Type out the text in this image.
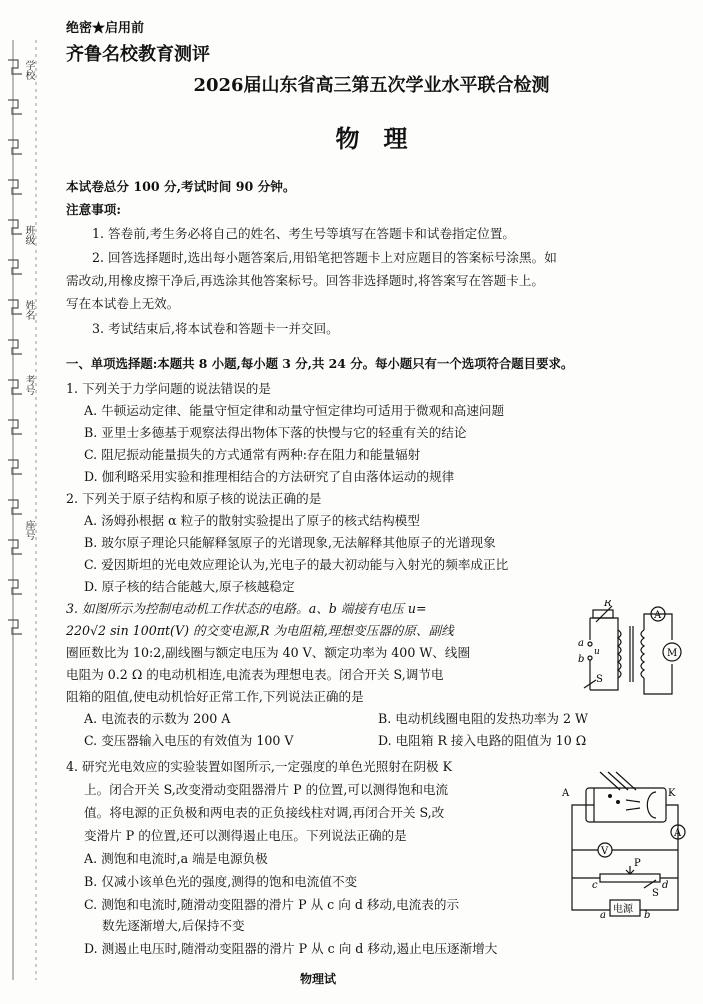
学校
班级
姓名
考号
座号
绝密★启用前
齐鲁名校教育测评
2026届山东省高三第五次学业水平联合检测
物　理
本试卷总分 100 分,考试时间 90 分钟。
注意事项:
1. 答卷前,考生务必将自己的姓名、考生号等填写在答题卡和试卷指定位置。
2. 回答选择题时,选出每小题答案后,用铅笔把答题卡上对应题目的答案标号涂黑。如
需改动,用橡皮擦干净后,再选涂其他答案标号。回答非选择题时,将答案写在答题卡上。
写在本试卷上无效。
3. 考试结束后,将本试卷和答题卡一并交回。
一、单项选择题:本题共 8 小题,每小题 3 分,共 24 分。每小题只有一个选项符合题目要求。
1. 下列关于力学问题的说法错误的是
A. 牛顿运动定律、能量守恒定律和动量守恒定律均可适用于微观和高速问题
B. 亚里士多德基于观察法得出物体下落的快慢与它的轻重有关的结论
C. 阻尼振动能量损失的方式通常有两种:存在阻力和能量辐射
D. 伽利略采用实验和推理相结合的方法研究了自由落体运动的规律
2. 下列关于原子结构和原子核的说法正确的是
A. 汤姆孙根据 α 粒子的散射实验提出了原子的核式结构模型
B. 玻尔原子理论只能解释氢原子的光谱现象,无法解释其他原子的光谱现象
C. 爱因斯坦的光电效应理论认为,光电子的最大初动能与入射光的频率成正比
D. 原子核的结合能越大,原子核越稳定
3. 如图所示为控制电动机工作状态的电路。a、b 端接有电压 u=
220√2 sin 100πt(V) 的交变电源,R 为电阻箱,理想变压器的原、副线
圈匝数比为 10:2,副线圈与额定电压为 40 V、额定功率为 400 W、线圈
电阻为 0.2 Ω 的电动机相连,电流表为理想电表。闭合开关 S,调节电
阻箱的阻值,使电动机恰好正常工作,下列说法正确的是
A. 电流表的示数为 200 A	B. 电动机线圈电阻的发热功率为 2 W
C. 变压器输入电压的有效值为 100 V	D. 电阻箱 R 接入电路的阻值为 10 Ω
R
A
M
a
b
u
S
4. 研究光电效应的实验装置如图所示,一定强度的单色光照射在阴极 K
上。闭合开关 S,改变滑动变阻器滑片 P 的位置,可以测得饱和电流
值。将电源的正负极和两电表的正负接线柱对调,再闭合开关 S,改
变滑片 P 的位置,还可以测得遏止电压。下列说法正确的是
A. 测饱和电流时,a 端是电源负极
B. 仅减小该单色光的强度,测得的饱和电流值不变
C. 测饱和电流时,随滑动变阻器的滑片 P 从 c 向 d 移动,电流表的示
数先逐渐增大,后保持不变
D. 测遏止电压时,随滑动变阻器的滑片 P 从 c 向 d 移动,遏止电压逐渐增大
A	K
V
A
P
c	d
S
电源
a	b
物理试
